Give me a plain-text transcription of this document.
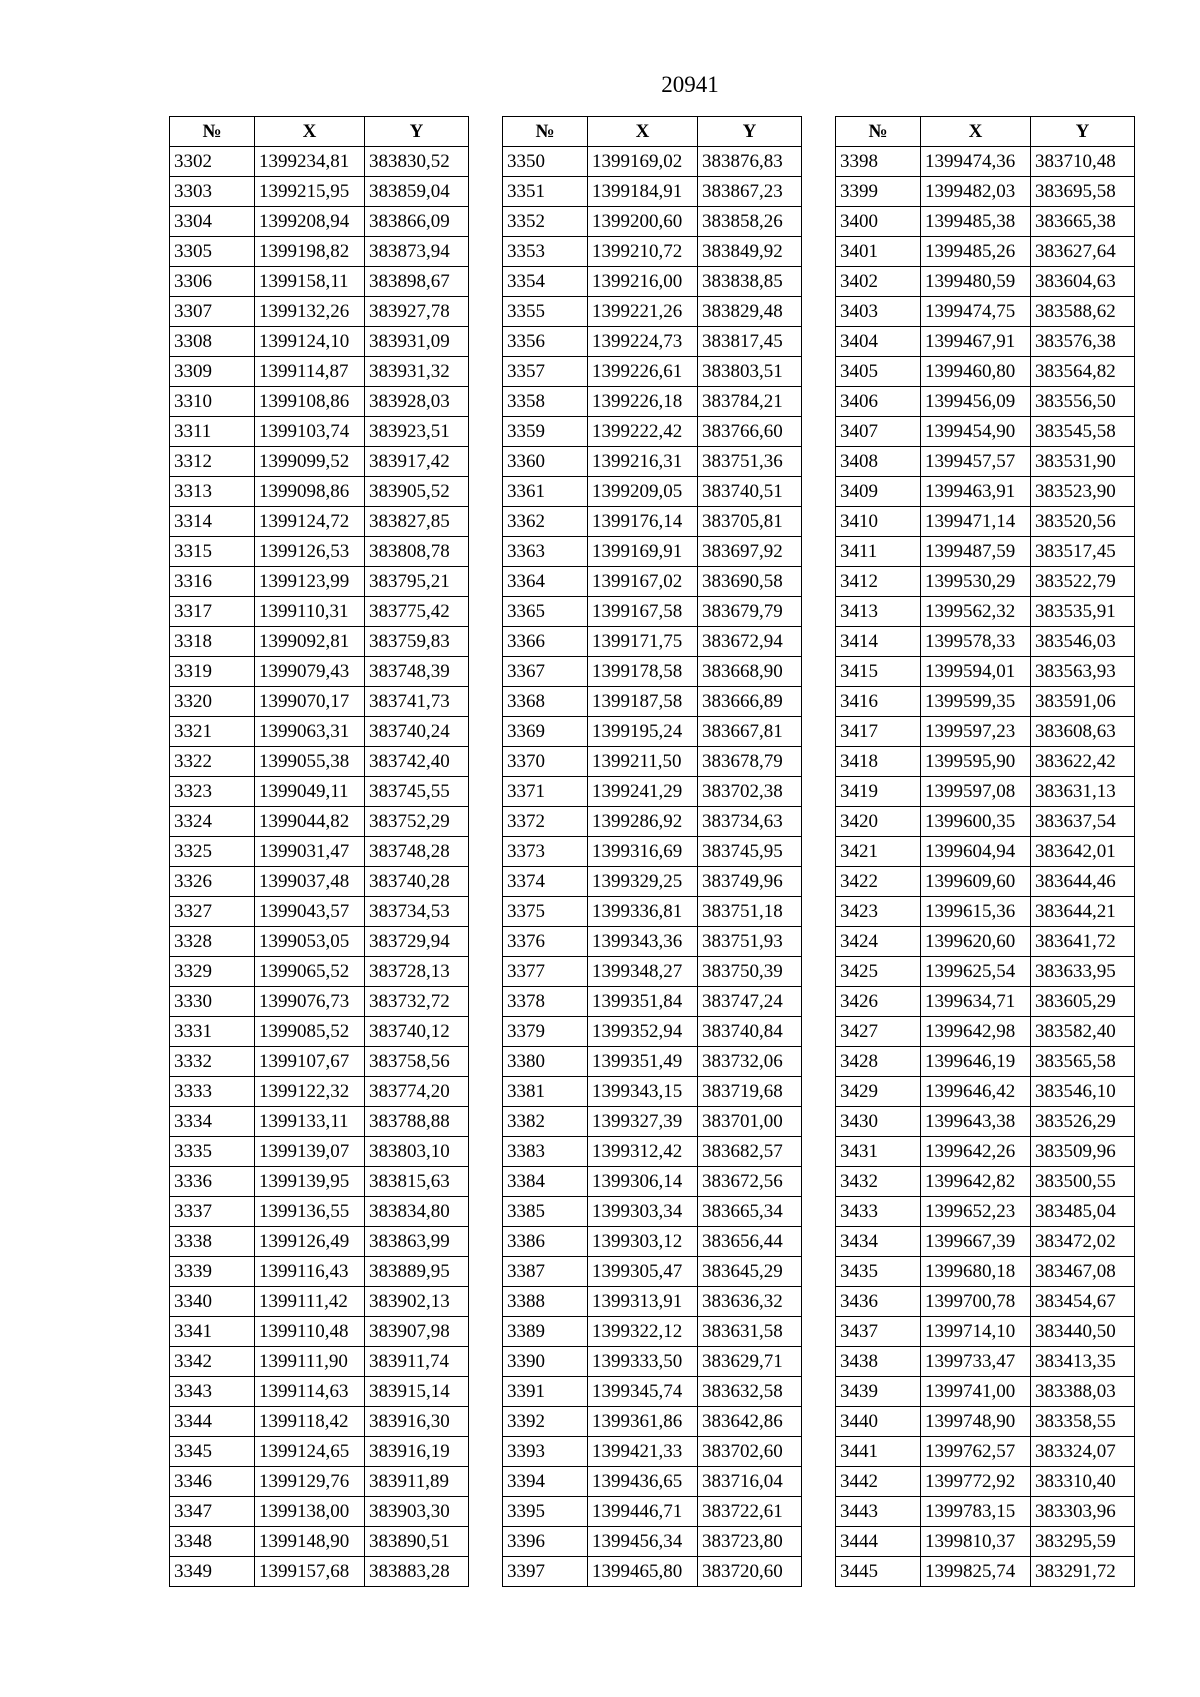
20941
№	X	Y
3302	1399234,81	383830,52
3303	1399215,95	383859,04
3304	1399208,94	383866,09
3305	1399198,82	383873,94
3306	1399158,11	383898,67
3307	1399132,26	383927,78
3308	1399124,10	383931,09
3309	1399114,87	383931,32
3310	1399108,86	383928,03
3311	1399103,74	383923,51
3312	1399099,52	383917,42
3313	1399098,86	383905,52
3314	1399124,72	383827,85
3315	1399126,53	383808,78
3316	1399123,99	383795,21
3317	1399110,31	383775,42
3318	1399092,81	383759,83
3319	1399079,43	383748,39
3320	1399070,17	383741,73
3321	1399063,31	383740,24
3322	1399055,38	383742,40
3323	1399049,11	383745,55
3324	1399044,82	383752,29
3325	1399031,47	383748,28
3326	1399037,48	383740,28
3327	1399043,57	383734,53
3328	1399053,05	383729,94
3329	1399065,52	383728,13
3330	1399076,73	383732,72
3331	1399085,52	383740,12
3332	1399107,67	383758,56
3333	1399122,32	383774,20
3334	1399133,11	383788,88
3335	1399139,07	383803,10
3336	1399139,95	383815,63
3337	1399136,55	383834,80
3338	1399126,49	383863,99
3339	1399116,43	383889,95
3340	1399111,42	383902,13
3341	1399110,48	383907,98
3342	1399111,90	383911,74
3343	1399114,63	383915,14
3344	1399118,42	383916,30
3345	1399124,65	383916,19
3346	1399129,76	383911,89
3347	1399138,00	383903,30
3348	1399148,90	383890,51
3349	1399157,68	383883,28
№	X	Y
3350	1399169,02	383876,83
3351	1399184,91	383867,23
3352	1399200,60	383858,26
3353	1399210,72	383849,92
3354	1399216,00	383838,85
3355	1399221,26	383829,48
3356	1399224,73	383817,45
3357	1399226,61	383803,51
3358	1399226,18	383784,21
3359	1399222,42	383766,60
3360	1399216,31	383751,36
3361	1399209,05	383740,51
3362	1399176,14	383705,81
3363	1399169,91	383697,92
3364	1399167,02	383690,58
3365	1399167,58	383679,79
3366	1399171,75	383672,94
3367	1399178,58	383668,90
3368	1399187,58	383666,89
3369	1399195,24	383667,81
3370	1399211,50	383678,79
3371	1399241,29	383702,38
3372	1399286,92	383734,63
3373	1399316,69	383745,95
3374	1399329,25	383749,96
3375	1399336,81	383751,18
3376	1399343,36	383751,93
3377	1399348,27	383750,39
3378	1399351,84	383747,24
3379	1399352,94	383740,84
3380	1399351,49	383732,06
3381	1399343,15	383719,68
3382	1399327,39	383701,00
3383	1399312,42	383682,57
3384	1399306,14	383672,56
3385	1399303,34	383665,34
3386	1399303,12	383656,44
3387	1399305,47	383645,29
3388	1399313,91	383636,32
3389	1399322,12	383631,58
3390	1399333,50	383629,71
3391	1399345,74	383632,58
3392	1399361,86	383642,86
3393	1399421,33	383702,60
3394	1399436,65	383716,04
3395	1399446,71	383722,61
3396	1399456,34	383723,80
3397	1399465,80	383720,60
№	X	Y
3398	1399474,36	383710,48
3399	1399482,03	383695,58
3400	1399485,38	383665,38
3401	1399485,26	383627,64
3402	1399480,59	383604,63
3403	1399474,75	383588,62
3404	1399467,91	383576,38
3405	1399460,80	383564,82
3406	1399456,09	383556,50
3407	1399454,90	383545,58
3408	1399457,57	383531,90
3409	1399463,91	383523,90
3410	1399471,14	383520,56
3411	1399487,59	383517,45
3412	1399530,29	383522,79
3413	1399562,32	383535,91
3414	1399578,33	383546,03
3415	1399594,01	383563,93
3416	1399599,35	383591,06
3417	1399597,23	383608,63
3418	1399595,90	383622,42
3419	1399597,08	383631,13
3420	1399600,35	383637,54
3421	1399604,94	383642,01
3422	1399609,60	383644,46
3423	1399615,36	383644,21
3424	1399620,60	383641,72
3425	1399625,54	383633,95
3426	1399634,71	383605,29
3427	1399642,98	383582,40
3428	1399646,19	383565,58
3429	1399646,42	383546,10
3430	1399643,38	383526,29
3431	1399642,26	383509,96
3432	1399642,82	383500,55
3433	1399652,23	383485,04
3434	1399667,39	383472,02
3435	1399680,18	383467,08
3436	1399700,78	383454,67
3437	1399714,10	383440,50
3438	1399733,47	383413,35
3439	1399741,00	383388,03
3440	1399748,90	383358,55
3441	1399762,57	383324,07
3442	1399772,92	383310,40
3443	1399783,15	383303,96
3444	1399810,37	383295,59
3445	1399825,74	383291,72
